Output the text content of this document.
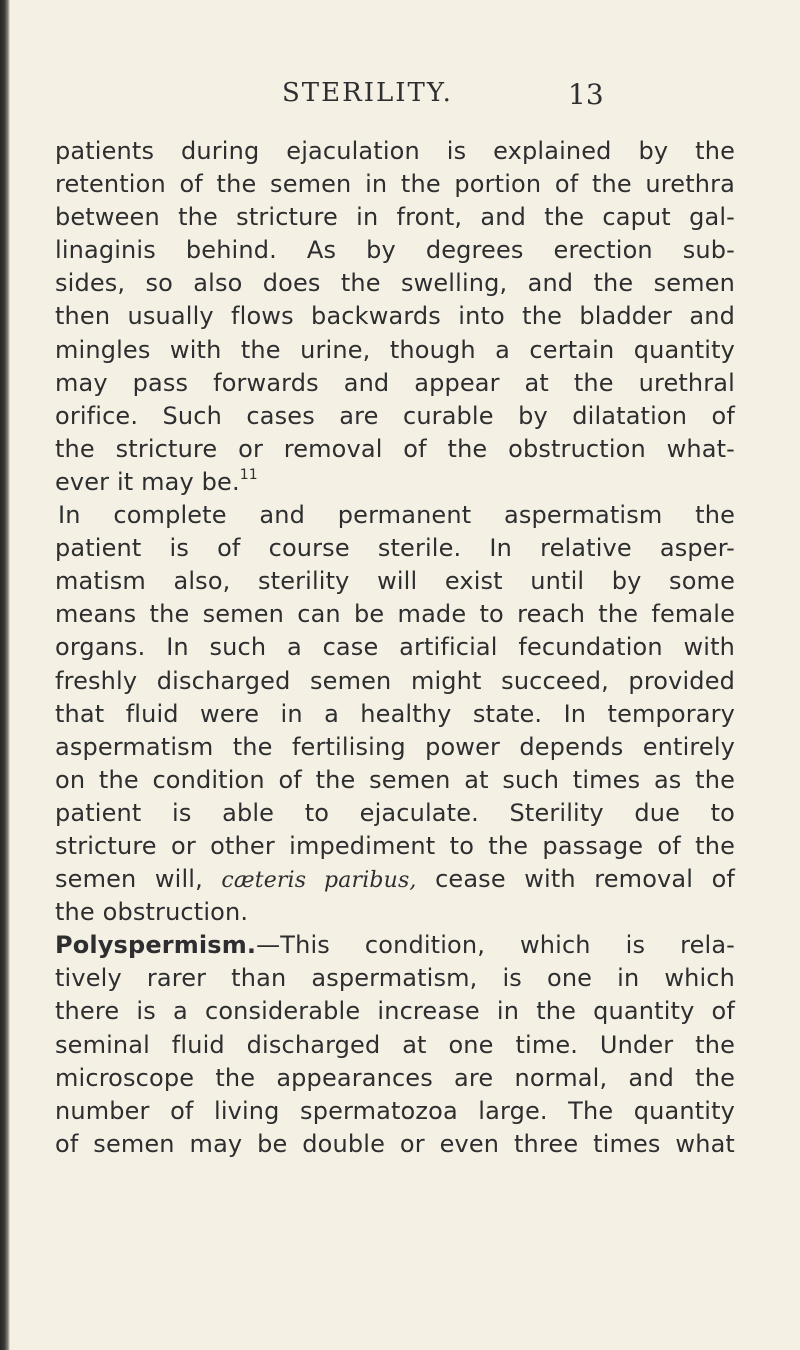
STERILITY.	13
patients during ejaculation is explained by the
retention of the semen in the portion of the urethra
between the stricture in front, and the caput gal-
linaginis behind. As by degrees erection sub-
sides, so also does the swelling, and the semen
then usually flows backwards into the bladder and
mingles with the urine, though a certain quantity
may pass forwards and appear at the urethral
orifice. Such cases are curable by dilatation of
the stricture or removal of the obstruction what-
ever it may be.$^{11}$
In complete and permanent aspermatism the
patient is of course sterile. In relative asper-
matism also, sterility will exist until by some
means the semen can be made to reach the female
organs. In such a case artificial fecundation with
freshly discharged semen might succeed, provided
that fluid were in a healthy state. In temporary
aspermatism the fertilising power depends entirely
on the condition of the semen at such times as the
patient is able to ejaculate. Sterility due to
stricture or other impediment to the passage of the
semen will, cæteris paribus, cease with removal of
the obstruction.
Polyspermism.—This condition, which is rela-
tively rarer than aspermatism, is one in which
there is a considerable increase in the quantity of
seminal fluid discharged at one time. Under the
microscope the appearances are normal, and the
number of living spermatozoa large. The quantity
of semen may be double or even three times what
